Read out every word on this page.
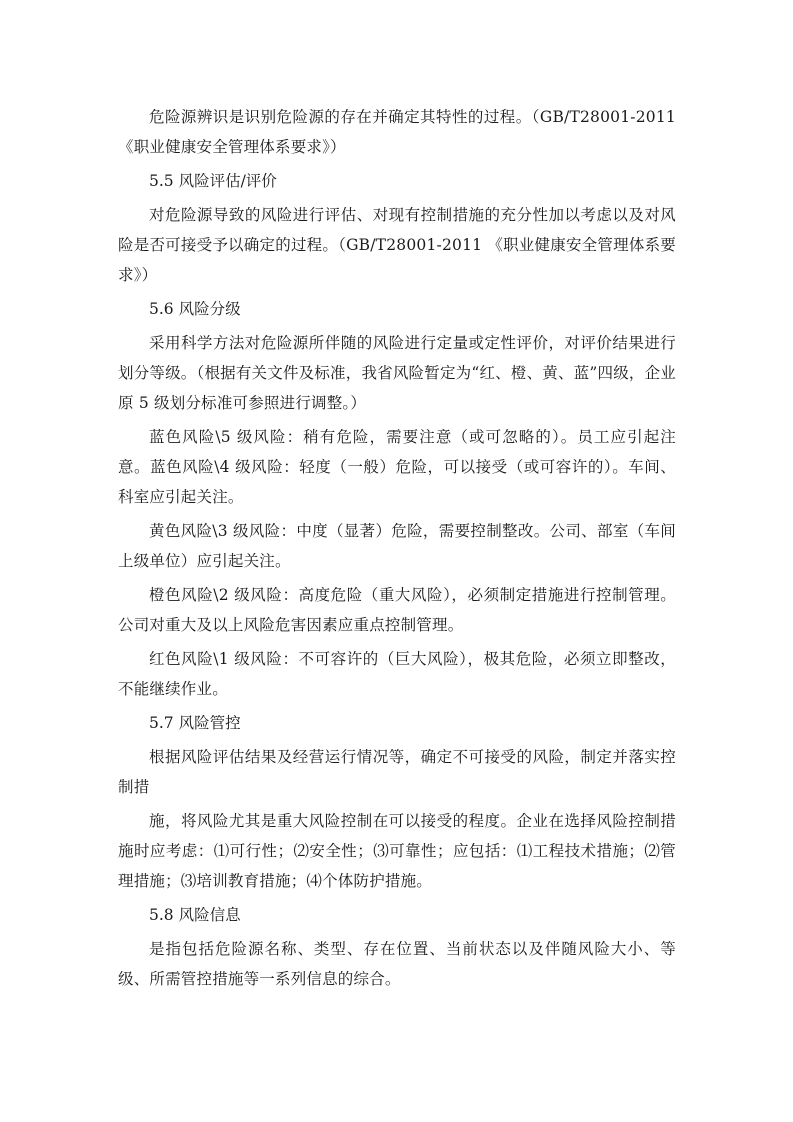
危险源辨识是识别危险源的存在并确定其特性的过程。（GB/T28001-2011《职业健康安全管理体系要求》）

5.5 风险评估/评价

对危险源导致的风险进行评估、对现有控制措施的充分性加以考虑以及对风险是否可接受予以确定的过程。（GB/T28001-2011 《职业健康安全管理体系要求》）

5.6 风险分级

采用科学方法对危险源所伴随的风险进行定量或定性评价，对评价结果进行划分等级。（根据有关文件及标准，我省风险暂定为“红、橙、黄、蓝”四级，企业原 5 级划分标准可参照进行调整。）

蓝色风险\5 级风险：稍有危险，需要注意（或可忽略的）。员工应引起注意。蓝色风险\4 级风险：轻度（一般）危险，可以接受（或可容许的）。车间、科室应引起关注。

黄色风险\3 级风险：中度（显著）危险，需要控制整改。公司、部室（车间上级单位）应引起关注。

橙色风险\2 级风险：高度危险（重大风险），必须制定措施进行控制管理。公司对重大及以上风险危害因素应重点控制管理。

红色风险\1 级风险：不可容许的（巨大风险），极其危险，必须立即整改，不能继续作业。

5.7 风险管控

根据风险评估结果及经营运行情况等，确定不可接受的风险，制定并落实控制措

施，将风险尤其是重大风险控制在可以接受的程度。企业在选择风险控制措施时应考虑：⑴可行性；⑵安全性；⑶可靠性；应包括：⑴工程技术措施；⑵管理措施；⑶培训教育措施；⑷个体防护措施。

5.8 风险信息

是指包括危险源名称、类型、存在位置、当前状态以及伴随风险大小、等级、所需管控措施等一系列信息的综合。
